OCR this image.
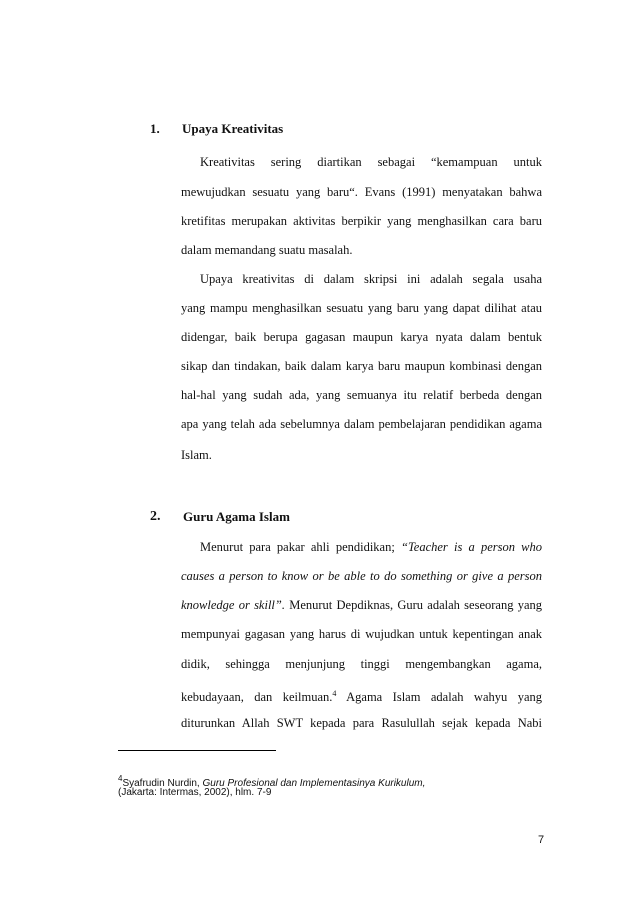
1. Upaya Kreativitas
Kreativitas sering diartikan sebagai “kemampuan untuk
mewujudkan sesuatu yang baru“. Evans (1991) menyatakan bahwa
kretifitas merupakan aktivitas berpikir yang menghasilkan cara baru
dalam memandang suatu masalah.
Upaya kreativitas di dalam skripsi ini adalah segala usaha
yang mampu menghasilkan sesuatu yang baru yang dapat dilihat atau
didengar, baik berupa gagasan maupun karya nyata dalam bentuk
sikap dan tindakan, baik dalam karya baru maupun kombinasi dengan
hal-hal yang sudah ada, yang semuanya itu relatif berbeda dengan
apa yang telah ada sebelumnya dalam pembelajaran pendidikan agama
Islam.
2. Guru Agama Islam
Menurut para pakar ahli pendidikan; “Teacher is a person who
causes a person to know or be able to do something or give a person
knowledge or skill”. Menurut Depdiknas, Guru adalah seseorang yang
mempunyai gagasan yang harus di wujudkan untuk kepentingan anak
didik, sehingga menjunjung tinggi mengembangkan agama,
kebudayaan, dan keilmuan.$^4$ Agama Islam adalah wahyu yang
diturunkan Allah SWT kepada para Rasulullah sejak kepada Nabi
$^4$Syafrudin Nurdin, Guru Profesional dan Implementasinya Kurikulum,
(Jakarta: Intermas, 2002), hlm. 7-9
7
